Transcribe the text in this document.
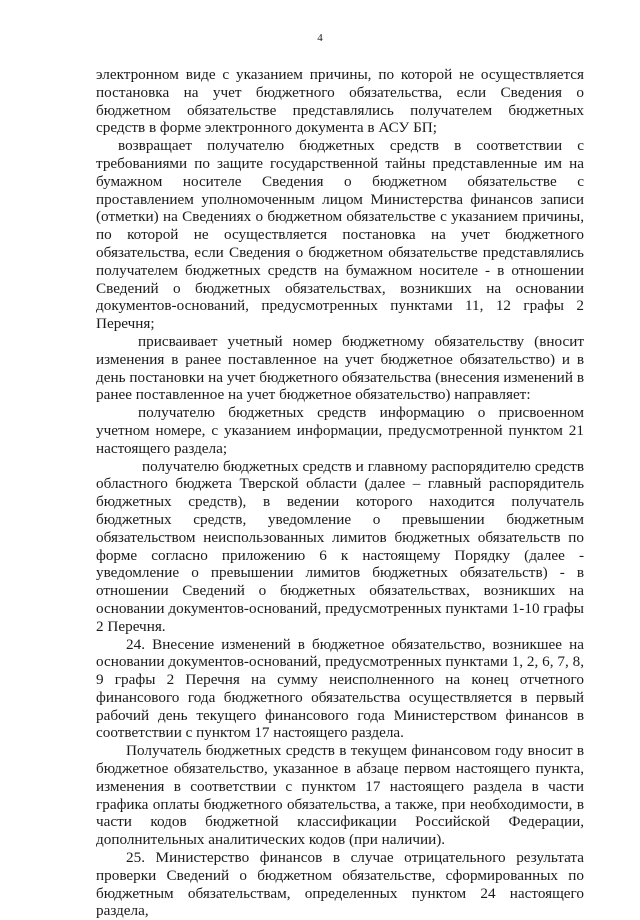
4

электронном виде с указанием причины, по которой не осуществляется постановка на учет бюджетного обязательства, если Сведения о бюджетном обязательстве представлялись получателем бюджетных средств в форме электронного документа в АСУ БП;

возвращает получателю бюджетных средств в соответствии с требованиями по защите государственной тайны представленные им на бумажном носителе Сведения о бюджетном обязательстве с проставлением уполномоченным лицом Министерства финансов записи (отметки) на Сведениях о бюджетном обязательстве с указанием причины, по которой не осуществляется постановка на учет бюджетного обязательства, если Сведения о бюджетном обязательстве представлялись получателем бюджетных средств на бумажном носителе - в отношении Сведений о бюджетных обязательствах, возникших на основании документов-оснований, предусмотренных пунктами 11, 12 графы 2 Перечня;

присваивает учетный номер бюджетному обязательству (вносит изменения в ранее поставленное на учет бюджетное обязательство) и в день постановки на учет бюджетного обязательства (внесения изменений в ранее поставленное на учет бюджетное обязательство) направляет:

получателю бюджетных средств информацию о присвоенном учетном номере, с указанием информации, предусмотренной пунктом 21 настоящего раздела;

получателю бюджетных средств и главному распорядителю средств областного бюджета Тверской области (далее – главный распорядитель бюджетных средств), в ведении которого находится получатель бюджетных средств, уведомление о превышении бюджетным обязательством неиспользованных лимитов бюджетных обязательств по форме согласно приложению 6 к настоящему Порядку (далее - уведомление о превышении лимитов бюджетных обязательств) - в отношении Сведений о бюджетных обязательствах, возникших на основании документов-оснований, предусмотренных пунктами 1-10 графы 2 Перечня.

24. Внесение изменений в бюджетное обязательство, возникшее на основании документов-оснований, предусмотренных пунктами 1, 2, 6, 7, 8, 9 графы 2 Перечня на сумму неисполненного на конец отчетного финансового года бюджетного обязательства осуществляется в первый рабочий день текущего финансового года Министерством финансов в соответствии с пунктом 17 настоящего раздела.

Получатель бюджетных средств в текущем финансовом году вносит в бюджетное обязательство, указанное в абзаце первом настоящего пункта, изменения в соответствии с пунктом 17 настоящего раздела в части графика оплаты бюджетного обязательства, а также, при необходимости, в части кодов бюджетной классификации Российской Федерации, дополнительных аналитических кодов (при наличии).

25. Министерство финансов в случае отрицательного результата проверки Сведений о бюджетном обязательстве, сформированных по бюджетным обязательствам, определенных пунктом 24 настоящего раздела,
